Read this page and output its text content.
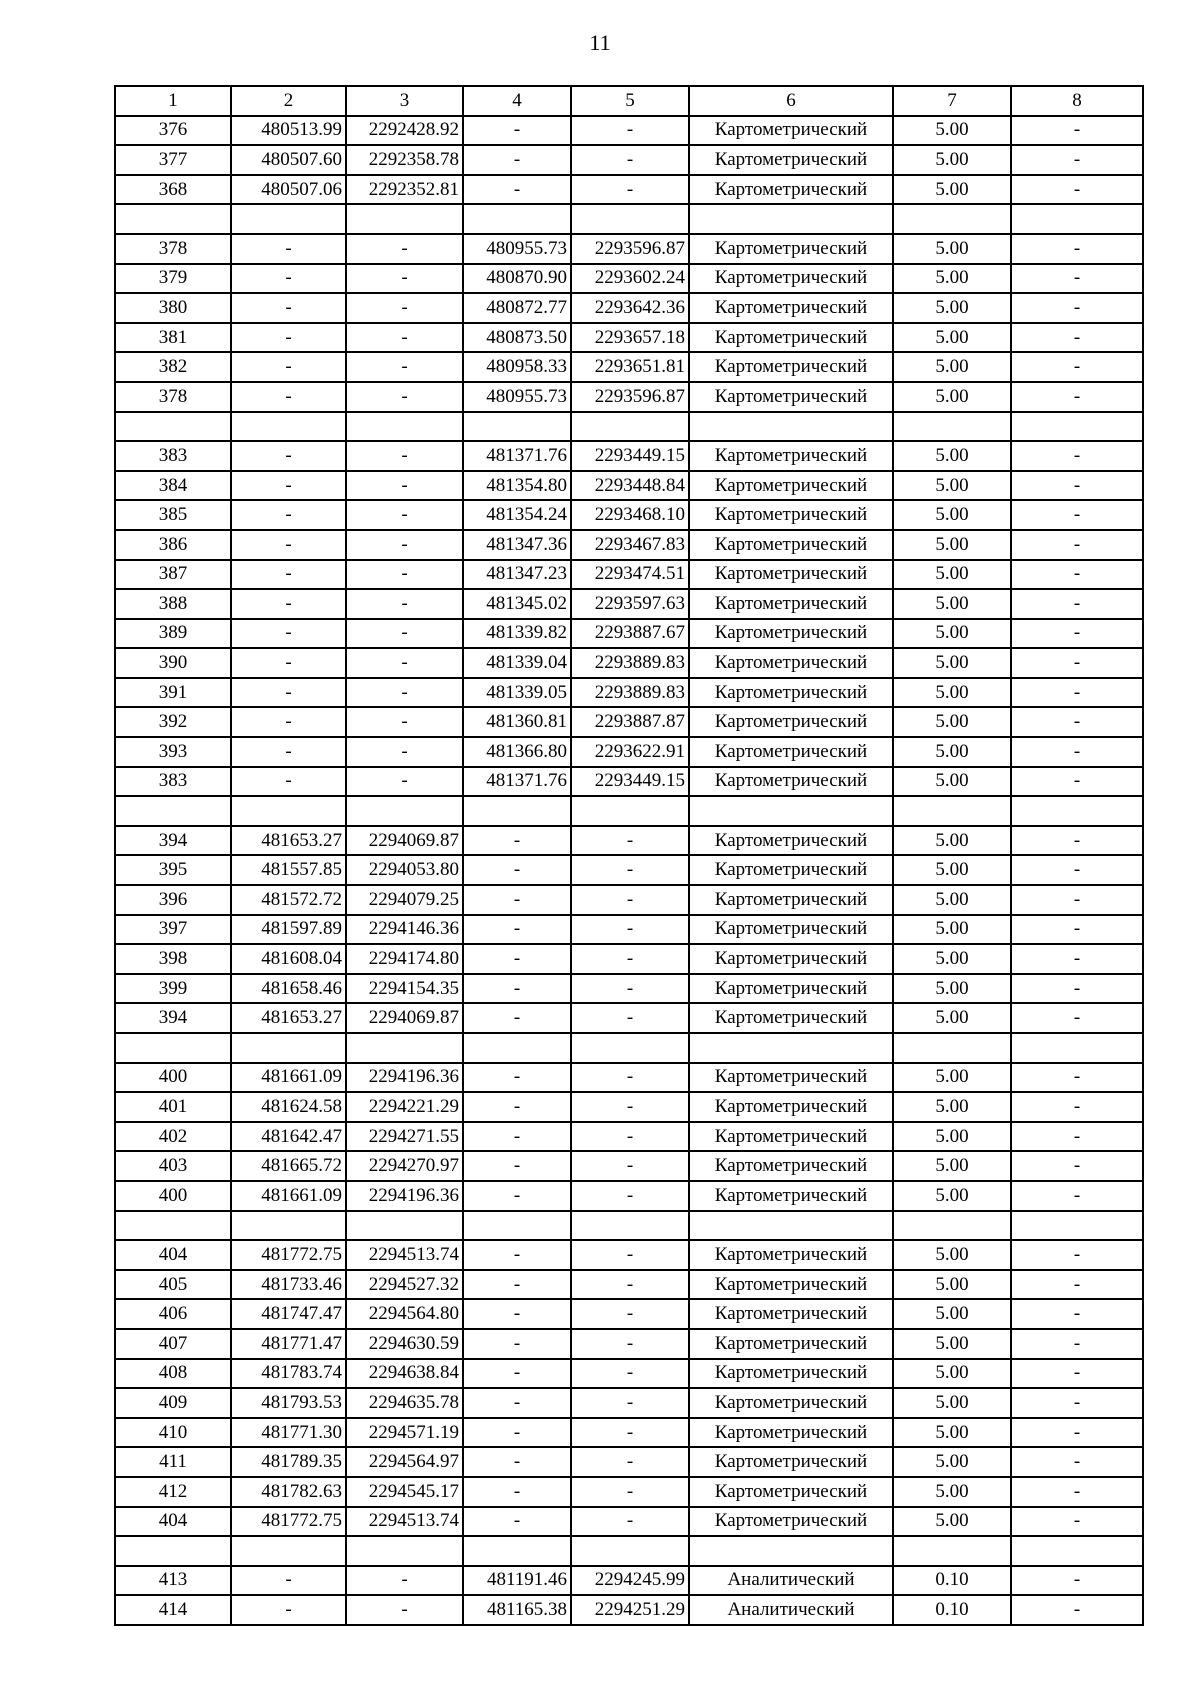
11
1	2	3	4	5	6	7	8
376	480513.99	2292428.92	-	-	Картометрический	5.00	-
377	480507.60	2292358.78	-	-	Картометрический	5.00	-
368	480507.06	2292352.81	-	-	Картометрический	5.00	-

378	-	-	480955.73	2293596.87	Картометрический	5.00	-
379	-	-	480870.90	2293602.24	Картометрический	5.00	-
380	-	-	480872.77	2293642.36	Картометрический	5.00	-
381	-	-	480873.50	2293657.18	Картометрический	5.00	-
382	-	-	480958.33	2293651.81	Картометрический	5.00	-
378	-	-	480955.73	2293596.87	Картометрический	5.00	-

383	-	-	481371.76	2293449.15	Картометрический	5.00	-
384	-	-	481354.80	2293448.84	Картометрический	5.00	-
385	-	-	481354.24	2293468.10	Картометрический	5.00	-
386	-	-	481347.36	2293467.83	Картометрический	5.00	-
387	-	-	481347.23	2293474.51	Картометрический	5.00	-
388	-	-	481345.02	2293597.63	Картометрический	5.00	-
389	-	-	481339.82	2293887.67	Картометрический	5.00	-
390	-	-	481339.04	2293889.83	Картометрический	5.00	-
391	-	-	481339.05	2293889.83	Картометрический	5.00	-
392	-	-	481360.81	2293887.87	Картометрический	5.00	-
393	-	-	481366.80	2293622.91	Картометрический	5.00	-
383	-	-	481371.76	2293449.15	Картометрический	5.00	-

394	481653.27	2294069.87	-	-	Картометрический	5.00	-
395	481557.85	2294053.80	-	-	Картометрический	5.00	-
396	481572.72	2294079.25	-	-	Картометрический	5.00	-
397	481597.89	2294146.36	-	-	Картометрический	5.00	-
398	481608.04	2294174.80	-	-	Картометрический	5.00	-
399	481658.46	2294154.35	-	-	Картометрический	5.00	-
394	481653.27	2294069.87	-	-	Картометрический	5.00	-

400	481661.09	2294196.36	-	-	Картометрический	5.00	-
401	481624.58	2294221.29	-	-	Картометрический	5.00	-
402	481642.47	2294271.55	-	-	Картометрический	5.00	-
403	481665.72	2294270.97	-	-	Картометрический	5.00	-
400	481661.09	2294196.36	-	-	Картометрический	5.00	-

404	481772.75	2294513.74	-	-	Картометрический	5.00	-
405	481733.46	2294527.32	-	-	Картометрический	5.00	-
406	481747.47	2294564.80	-	-	Картометрический	5.00	-
407	481771.47	2294630.59	-	-	Картометрический	5.00	-
408	481783.74	2294638.84	-	-	Картометрический	5.00	-
409	481793.53	2294635.78	-	-	Картометрический	5.00	-
410	481771.30	2294571.19	-	-	Картометрический	5.00	-
411	481789.35	2294564.97	-	-	Картометрический	5.00	-
412	481782.63	2294545.17	-	-	Картометрический	5.00	-
404	481772.75	2294513.74	-	-	Картометрический	5.00	-

413	-	-	481191.46	2294245.99	Аналитический	0.10	-
414	-	-	481165.38	2294251.29	Аналитический	0.10	-
